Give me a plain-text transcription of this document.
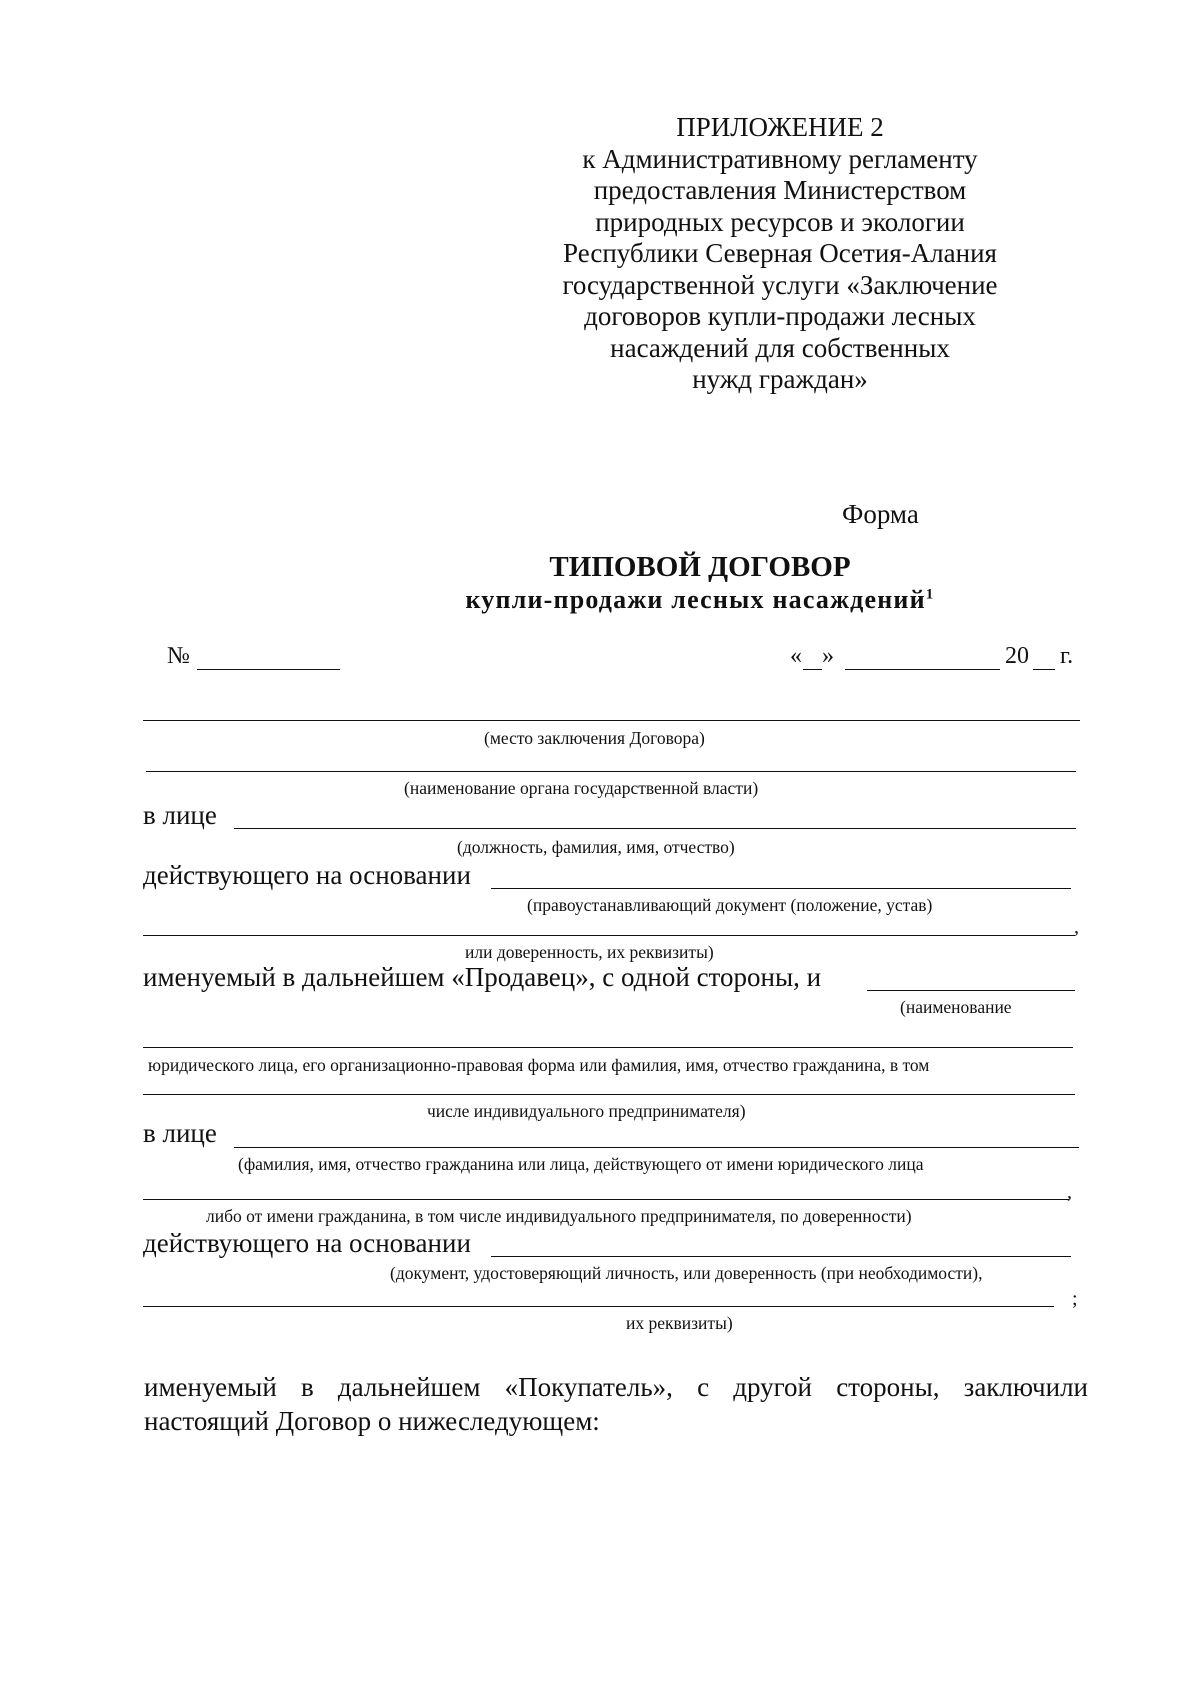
ПРИЛОЖЕНИЕ 2
к Административному регламенту
предоставления Министерством
природных ресурсов и экологии
Республики Северная Осетия-Алания
государственной услуги «Заключение
договоров купли-продажи лесных
насаждений для собственных
нужд граждан»
Форма
ТИПОВОЙ ДОГОВОР
купли-продажи лесных насаждений$^1$
№	« »	20 г.
(место заключения Договора)
(наименование органа государственной власти)
в лице
(должность, фамилия, имя, отчество)
действующего на основании
(правоустанавливающий документ (положение, устав)
,
или доверенность, их реквизиты)
именуемый в дальнейшем «Продавец», с одной стороны, и
(наименование
юридического лица, его организационно-правовая форма или фамилия, имя, отчество гражданина, в том
числе индивидуального предпринимателя)
в лице
(фамилия, имя, отчество гражданина или лица, действующего от имени юридического лица
,
либо от имени гражданина, в том числе индивидуального предпринимателя, по доверенности)
действующего на основании
(документ, удостоверяющий личность, или доверенность (при необходимости),
;
их реквизиты)
именуемый в дальнейшем «Покупатель», с другой стороны, заключили настоящий Договор о нижеследующем:
